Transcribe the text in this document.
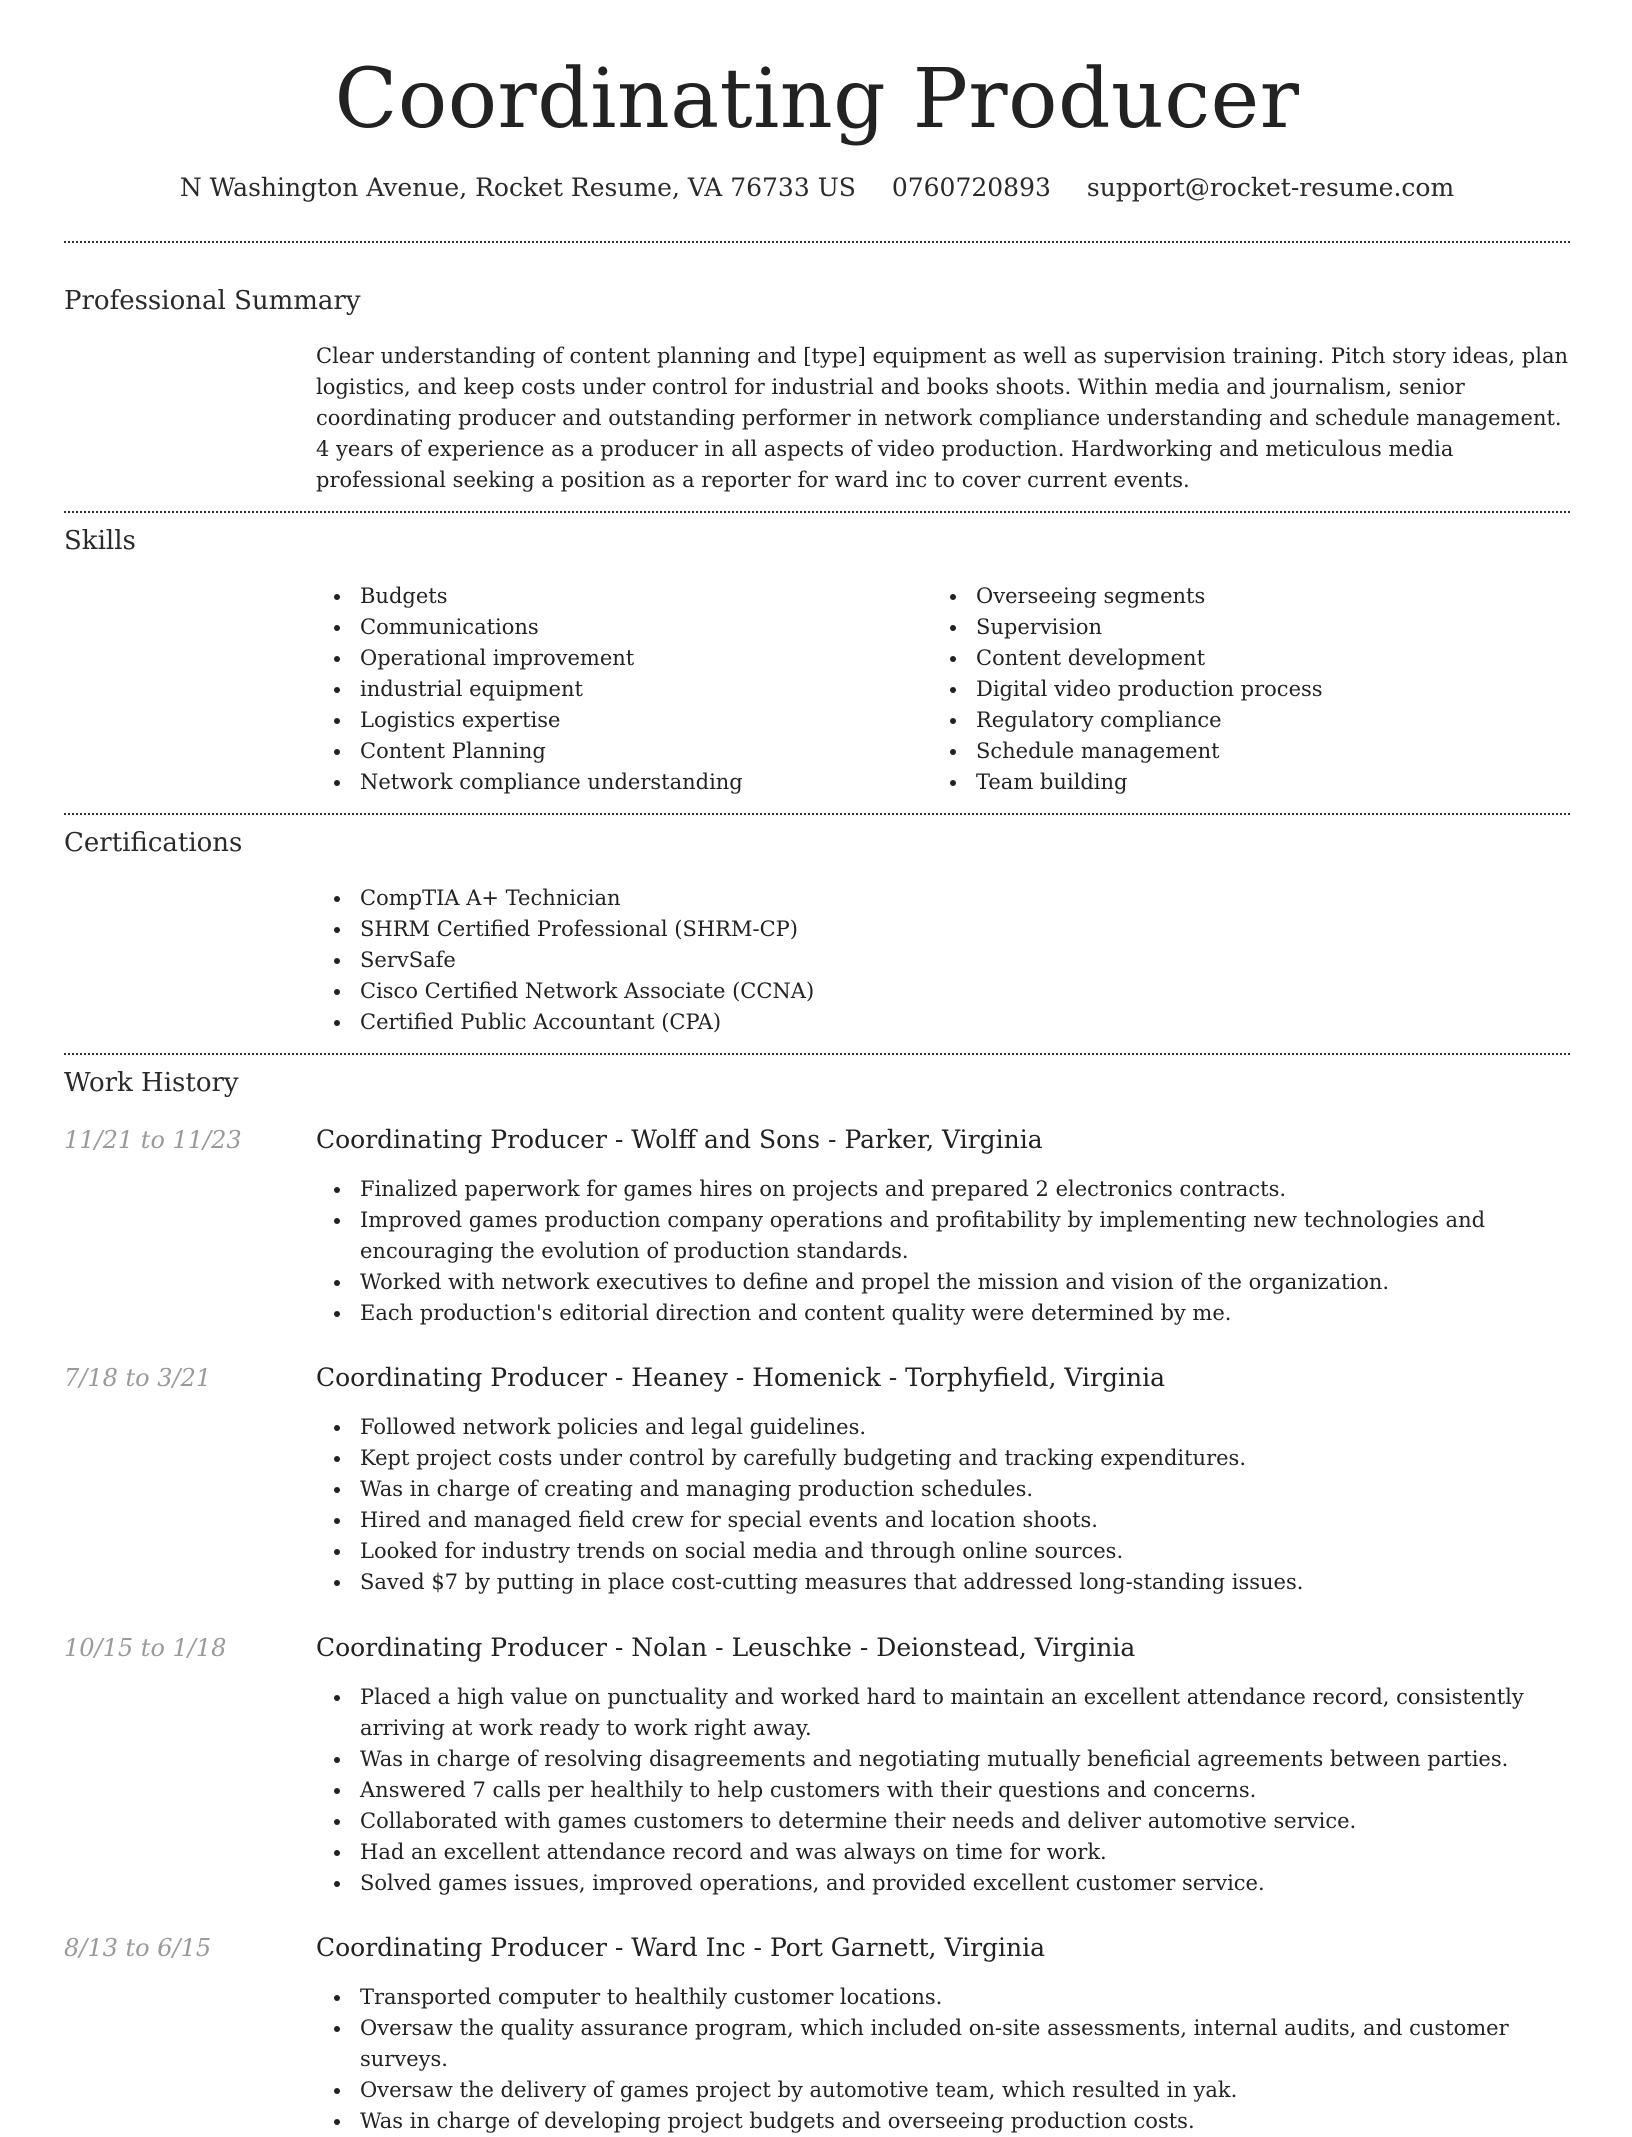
Coordinating Producer
N Washington Avenue, Rocket Resume, VA 76733 US 0760720893 support@rocket-resume.com
Professional Summary

Clear understanding of content planning and [type] equipment as well as supervision training. Pitch story ideas, plan logistics, and keep costs under control for industrial and books shoots. Within media and journalism, senior coordinating producer and outstanding performer in network compliance understanding and schedule management. 4 years of experience as a producer in all aspects of video production. Hardworking and meticulous media professional seeking a position as a reporter for ward inc to cover current events.

Skills
Budgets
Communications
Operational improvement
industrial equipment
Logistics expertise
Content Planning
Network compliance understanding
Overseeing segments
Supervision
Content development
Digital video production process
Regulatory compliance
Schedule management
Team building
Certifications
CompTIA A+ Technician
SHRM Certified Professional (SHRM-CP)
ServSafe
Cisco Certified Network Associate (CCNA)
Certified Public Accountant (CPA)
Work History
11/21 to 11/23	Coordinating Producer - Wolff and Sons - Parker, Virginia
Finalized paperwork for games hires on projects and prepared 2 electronics contracts.
Improved games production company operations and profitability by implementing new technologies and encouraging the evolution of production standards.
Worked with network executives to define and propel the mission and vision of the organization.
Each production's editorial direction and content quality were determined by me.
7/18 to 3/21	Coordinating Producer - Heaney - Homenick - Torphyfield, Virginia
Followed network policies and legal guidelines.
Kept project costs under control by carefully budgeting and tracking expenditures.
Was in charge of creating and managing production schedules.
Hired and managed field crew for special events and location shoots.
Looked for industry trends on social media and through online sources.
Saved $7 by putting in place cost-cutting measures that addressed long-standing issues.
10/15 to 1/18	Coordinating Producer - Nolan - Leuschke - Deionstead, Virginia
Placed a high value on punctuality and worked hard to maintain an excellent attendance record, consistently arriving at work ready to work right away.
Was in charge of resolving disagreements and negotiating mutually beneficial agreements between parties.
Answered 7 calls per healthily to help customers with their questions and concerns.
Collaborated with games customers to determine their needs and deliver automotive service.
Had an excellent attendance record and was always on time for work.
Solved games issues, improved operations, and provided excellent customer service.
8/13 to 6/15	Coordinating Producer - Ward Inc - Port Garnett, Virginia
Transported computer to healthily customer locations.
Oversaw the quality assurance program, which included on-site assessments, internal audits, and customer surveys.
Oversaw the delivery of games project by automotive team, which resulted in yak.
Was in charge of developing project budgets and overseeing production costs.
